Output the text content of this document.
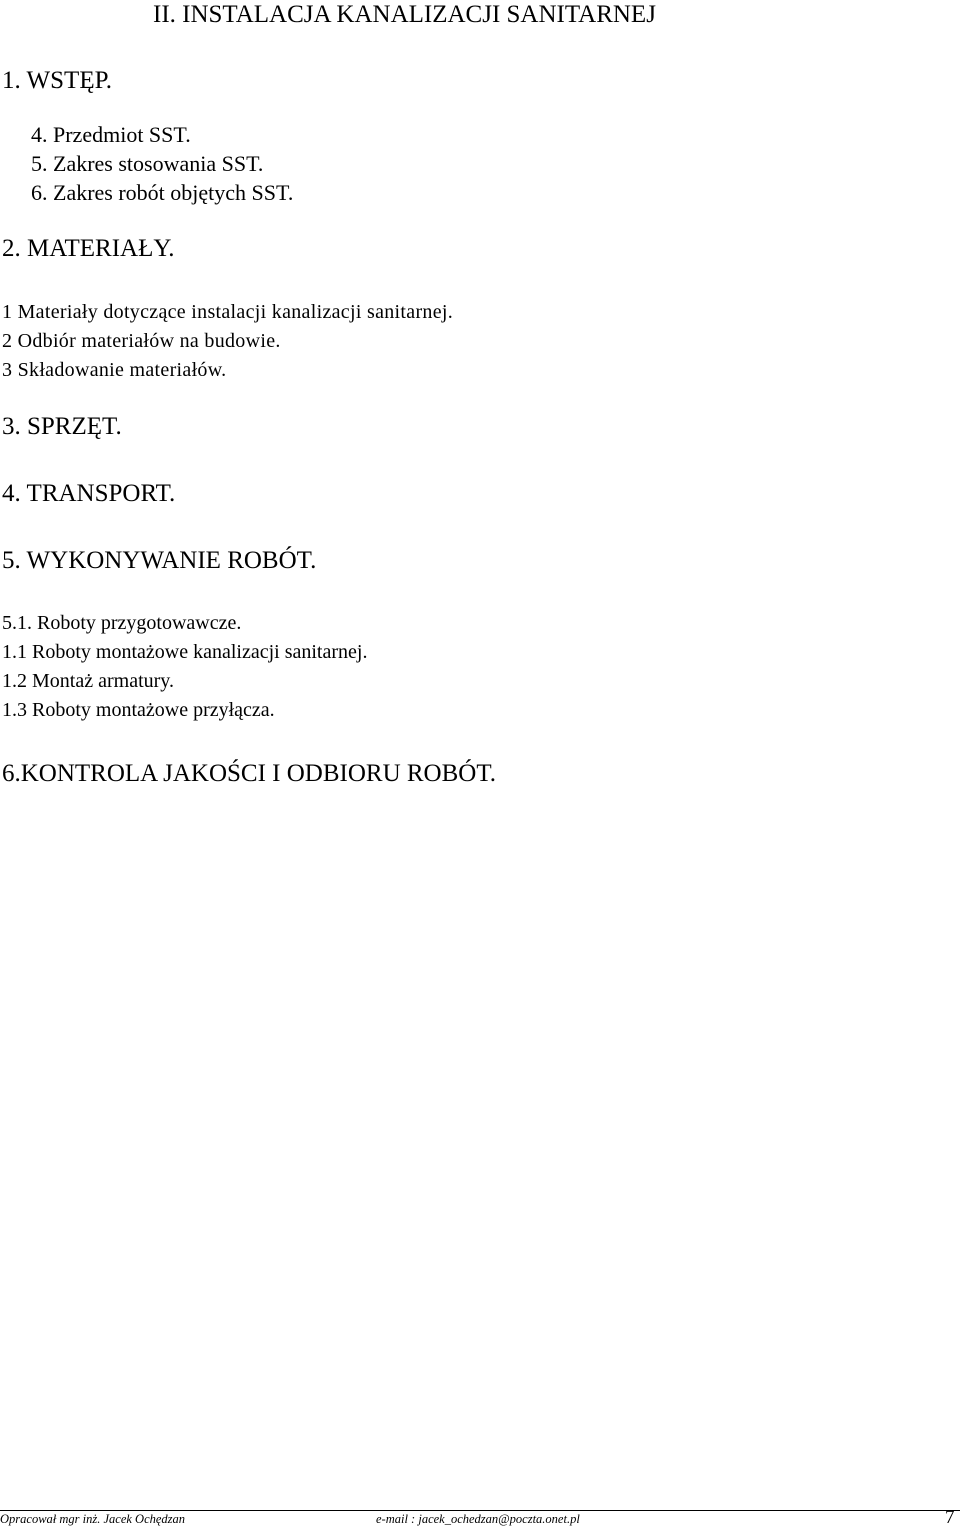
II. INSTALACJA KANALIZACJI SANITARNEJ
1. WSTĘP.
4. Przedmiot SST.
5. Zakres stosowania SST.
6. Zakres robót objętych SST.
2. MATERIAŁY.
1 Materiały dotyczące instalacji kanalizacji sanitarnej.
2 Odbiór materiałów na budowie.
3 Składowanie materiałów.
3. SPRZĘT.
4. TRANSPORT.
5. WYKONYWANIE ROBÓT.
5.1. Roboty przygotowawcze.
1.1 Roboty montażowe kanalizacji sanitarnej.
1.2 Montaż armatury.
1.3 Roboty montażowe przyłącza.
6.KONTROLA JAKOŚCI I ODBIORU ROBÓT.
Opracował mgr inż. Jacek Ochędzan	e-mail : jacek_ochedzan@poczta.onet.pl	7
